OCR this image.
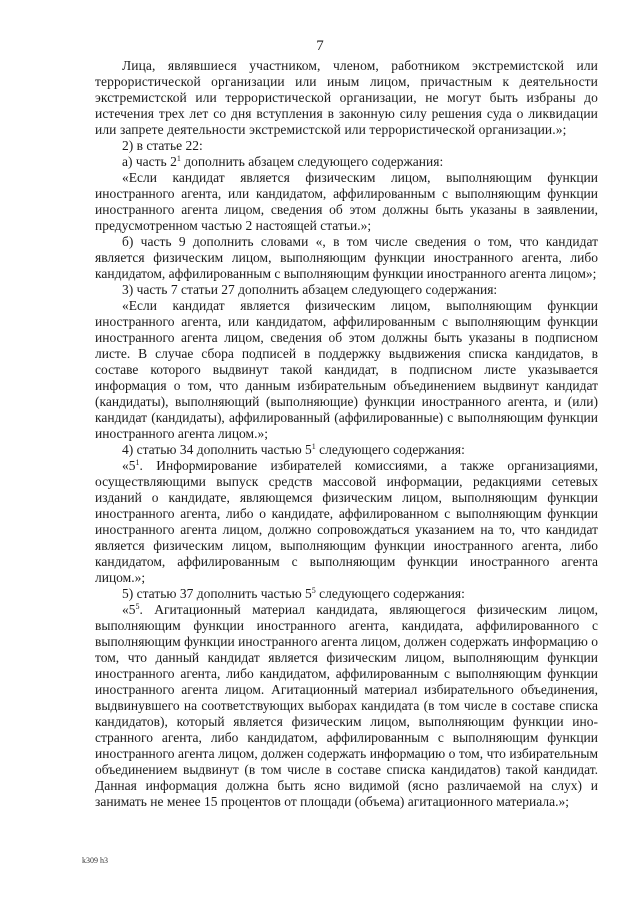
7

Лица, являвшиеся участником, членом, работником экстремистской или террористической организации или иным лицом, причастным к деятельности экстремистской или террористической организации, не могут быть избраны до истечения трех лет со дня вступления в законную силу решения суда о ликвидации или запрете деятельности экстремистской или террористической организации.»;

2) в статье 22:

а) часть $2^1$ дополнить абзацем следующего содержания:

«Если кандидат является физическим лицом, выполняющим функции иностранного агента, или кандидатом, аффилированным с выполняющим функции иностранного агента лицом, сведения об этом должны быть указаны в заявлении, предусмотренном частью 2 настоящей статьи.»;

б) часть 9 дополнить словами «, в том числе сведения о том, что кандидат является физическим лицом, выполняющим функции иностранного агента, либо кандидатом, аффилированным с выполняющим функции иностранного агента лицом»;

3) часть 7 статьи 27 дополнить абзацем следующего содержания:

«Если кандидат является физическим лицом, выполняющим функции иностранного агента, или кандидатом, аффилированным с выполняющим функции иностранного агента лицом, сведения об этом должны быть указаны в подписном листе. В случае сбора подписей в поддержку выдвижения списка кандидатов, в составе которого выдвинут такой кандидат, в подписном листе указывается информация о том, что данным избирательным объединением выдвинут кандидат (кандидаты), выполняющий (выполняющие) функции иностранного агента, и (или) кандидат (кандидаты), аффилированный (аффилированные) с выполняющим функции иностранного агента лицом.»;

4) статью 34 дополнить частью $5^1$ следующего содержания:

«$5^1$. Информирование избирателей комиссиями, а также организациями, осуществляющими выпуск средств массовой информации, редакциями сетевых изданий о кандидате, являющемся физическим лицом, выполняющим функции иностранного агента, либо о кандидате, аффилированном с выполняющим функции иностранного агента лицом, должно сопровождаться указанием на то, что кандидат является физическим лицом, выполняющим функции иностранного агента, либо кандидатом, аффилированным с выполняющим функции иностранного агента лицом.»;

5) статью 37 дополнить частью $5^5$ следующего содержания:

«$5^5$. Агитационный материал кандидата, являющегося физическим лицом, выполняющим функции иностранного агента, кандидата, аффилированного с выполняющим функции иностранного агента лицом, должен содержать информацию о том, что данный кандидат является физическим лицом, выполняющим функции иностранного агента, либо кандидатом, аффилированным с выполняющим функции иностранного агента лицом. Агитационный материал избирательного объединения, выдвинувшего на соответствующих выборах кандидата (в том числе в составе списка кандидатов), который является физическим лицом, выполняющим функции иностранного агента, либо кандидатом, аффилированным с выполняющим функции иностранного агента лицом, должен содержать информацию о том, что избирательным объединением выдвинут (в том числе в составе списка кандидатов) такой кандидат. Данная информация должна быть ясно видимой (ясно различаемой на слух) и занимать не менее 15 процентов от площади (объема) агитационного материала.»;

k309 h3
